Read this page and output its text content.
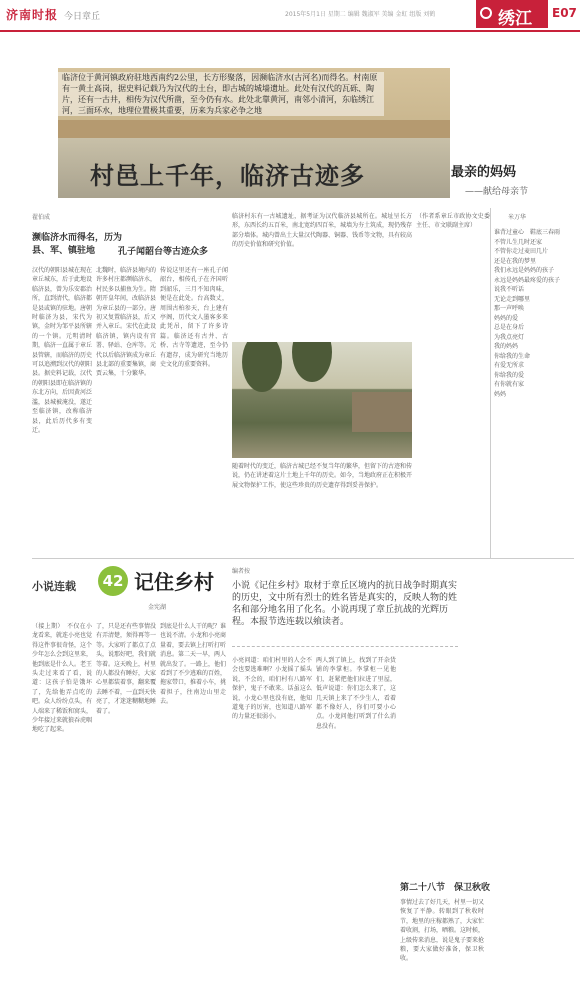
济南时报 今日章丘	2015年5月1日 星期二 编辑 魏淑军 美编 金虹 组版 刘鹤	绣江亭
E07
临济位于黄河镇政府驻地西南约2公里，长方形聚落，因濒临济水(古河名)而得名。村南原有一黄土高岗，据史料记载乃为汉代的土台，即古城的城墙遗址。此处有汉代的瓦砾、陶片，还有一古井，相传为汉代所凿，至今仍有水。此处北靠黄河，南邻小清河，东临绣江河，三面环水，地理位置极其重要，历来为兵家必争之地
村邑上千年，临济古迹多	最亲的妈妈
——献给母亲节
米万华
翟伯成
濒临济水而得名，历为县、军、镇驻地
汉代的朝阳县城在现在章丘城东，后于此地设临济县，曾为乐安郡治所，直到清代，临济都是县或镇的驻地。唐朝时临济为县，宋代为镇，金时为邹平县所辖的一个镇。元明清时期，临济一直属于章丘县管辖，而临济的历史可以追溯到汉代的朝阳县。据史料记载，汉代的朝阳县即在临济镇的东北方向，后因黄河泛滥，县城被淹没，遂迁至临济镇，改称临济县，此后历代多有变迁。
北魏时，临济县境内的许多村庄都濒临济水，村民多以捕鱼为生。隋朝开皇年间，改临济县为章丘县的一部分。唐初又复置临济县，后又并入章丘。宋代在此设临济镇，镇内设有官署、驿站、仓库等。元代以后临济镇成为章丘县北部的重要集镇，商贾云集，十分繁华。
孔子闻韶台等古迹众多
传说这里还有一座孔子闻韶台，相传孔子在齐国听到韶乐，三月不知肉味，便是在此处。台高数丈，周围古柏参天，台上建有亭阁，历代文人墨客多来此凭吊，留下了许多诗篇。临济还有古井、古桥、古寺等遗迹，至今仍有遗存，成为研究当地历史文化的重要资料。
临济村东有一古城遗址，据考证为汉代临济县城所在。城址呈长方形，东西长约五百米，南北宽约四百米，城墙为夯土筑成，现仍残存部分墙体。城内曾出土大量汉代陶器、铜器、钱币等文物，具有较高的历史价值和研究价值。
随着时代的变迁，临济古城已经不复当年的繁华，但留下的古迹和传说，仍在讲述着这片土地上千年的历史。如今，当地政府正在积极开展文物保护工作，使这些珍贵的历史遗存得到妥善保护。
（作者系章丘市政协文史委主任、市文联副主席）

谁背过童心　鞋底三春雨

不管儿生几时还家

不管你走过麦田几片

还是在我的梦里

我们永远是妈妈的孩子

永远是妈妈最疼爱的孩子

说我不听话

无论走到哪里

那一声呼唤

妈妈的爱

总是在身后

为我点亮灯

我的妈妈

你给我的生命

有爱无所求

你给我的爱

有你就有家

妈妈

小说连载	42 记住乡村
金宪湖
编者按
小说《记住乡村》取材于章丘区境内的抗日战争时期真实的历史，文中所有烈士的姓名皆是真实的，反映人物的姓名和部分地名用了化名。小说再现了章丘抗战的光辉历程。本报节选连载以飨读者。
（接上期）　不仅在小龙看来，就连小亮也觉得这件事很奇怪，这个少年怎么会到这里来，他到底是什么人。老王头走过来看了看，说道：这孩子怕是饿坏了，先给他弄点吃的吧。众人纷纷点头，有人端来了稀饭和窝头，少年接过来就狼吞虎咽地吃了起来。
了，只是还有些事情没有弄清楚，须得再等一等。大家听了都点了点头，说那好吧，我们就等着。这天晚上，村里的人都没有睡好，大家心里都装着事，翻来覆去睡不着，一直到天快亮了，才迷迷糊糊地睡着了。
到底是什么人干的呢？谁也说不清。小龙和小亮商量着，要去镇上打听打听消息。第二天一早，两人就出发了。一路上，他们看到了不少逃难的百姓，拖家带口，推着小车，挑着担子，往南边山里走去。
小亮问道：咱们村里的人会不会也要逃难啊？小龙摇了摇头说，不会的，咱们村有八路军保护，鬼子不敢来。话虽这么说，小龙心里也没有底，他知道鬼子的厉害，也知道八路军的力量还很弱小。
两人到了镇上，找到了开杂货铺的李掌柜。李掌柜一见他们，赶紧把他们拉进了里屋，低声说道：你们怎么来了，这几天镇上来了不少生人，看着都不像好人，你们可要小心点。小龙问他打听到了什么消息没有。
第二十八节　保卫秋收
事情过去了好几天，村里一切又恢复了平静。转眼到了秋收时节，地里的庄稼都熟了，大家忙着收割，打场，晒粮。这时候，上级传来消息，说是鬼子要来抢粮，要大家做好准备，保卫秋收。
